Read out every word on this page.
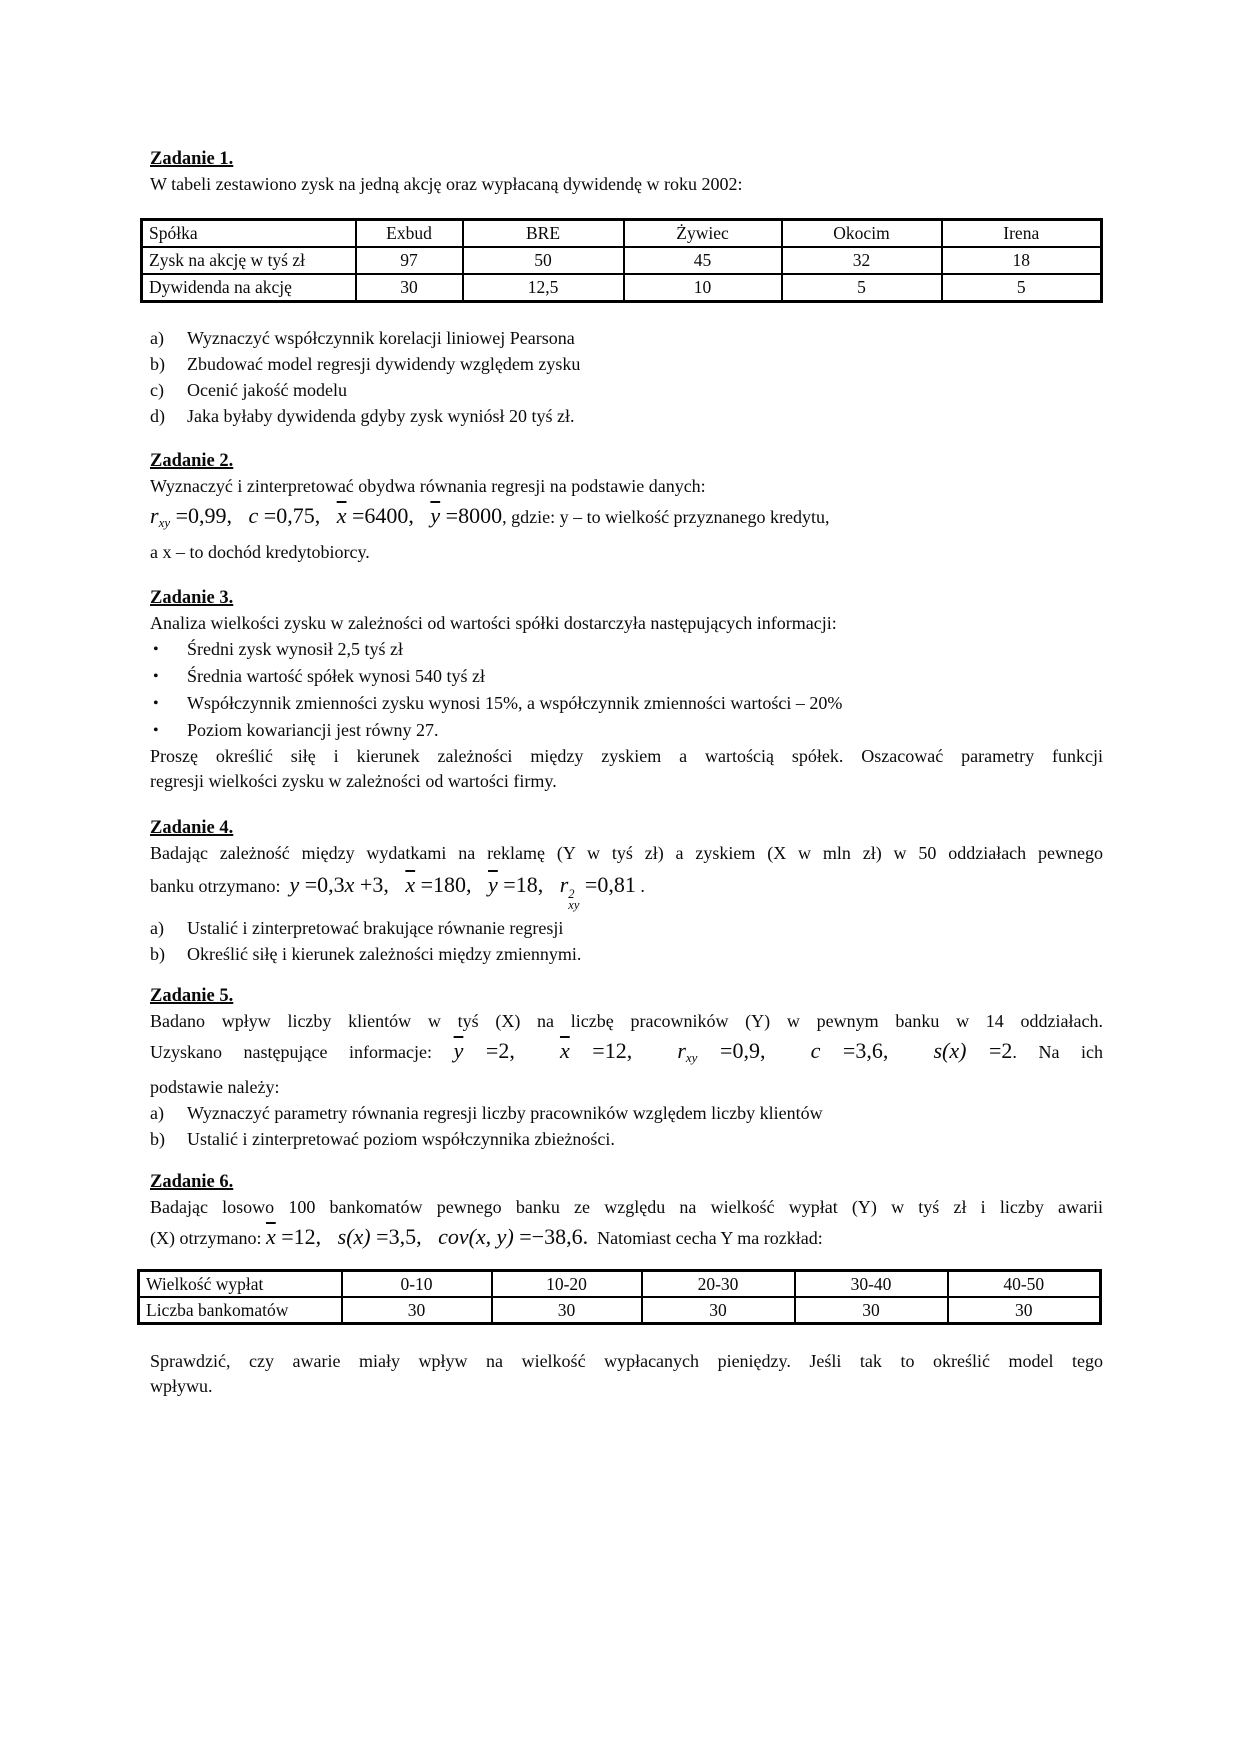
Zadanie 1.
W tabeli zestawiono zysk na jedną akcję oraz wypłacaną dywidendę w roku 2002:
Spółka	Exbud	BRE	Żywiec	Okocim	Irena
Zysk na akcję w tyś zł	97	50	45	32	18
Dywidenda na akcję	30	12,5	10	5	5
a)	Wyznaczyć współczynnik korelacji liniowej Pearsona
b)	Zbudować model regresji dywidendy względem zysku
c)	Ocenić jakość modelu
d)	Jaka byłaby dywidenda gdyby zysk wyniósł 20 tyś zł.
Zadanie 2.
Wyznaczyć i zinterpretować obydwa równania regresji na podstawie danych:
rxy =0,99, c =0,75, $\overline{x} =6400$, $\overline{y} =8000$, gdzie: y – to wielkość przyznanego kredytu,
a x – to dochód kredytobiorcy.
Zadanie 3.
Analiza wielkości zysku w zależności od wartości spółki dostarczyła następujących informacji:
•	Średni zysk wynosił 2,5 tyś zł
•	Średnia wartość spółek wynosi 540 tyś zł
•	Współczynnik zmienności zysku wynosi 15%, a współczynnik zmienności wartości – 20%
•	Poziom kowariancji jest równy 27.
Proszę określić siłę i kierunek zależności między zyskiem a wartością spółek. Oszacować parametry funkcji
regresji wielkości zysku w zależności od wartości firmy.
Zadanie 4.
Badając zależność między wydatkami na reklamę (Y w tyś zł) a zyskiem (X w mln zł) w 50 oddziałach pewnego
banku otrzymano: y =0,3x +3, $\overline{x} =180$, $\overline{y} =18$, r 2
xy
=0,81 .
a)	Ustalić i zinterpretować brakujące równanie regresji
b)	Określić siłę i kierunek zależności między zmiennymi.
Zadanie 5.
Badano wpływ liczby klientów w tyś (X) na liczbę pracowników (Y) w pewnym banku w 14 oddziałach.
Uzyskano następujące informacje: $\overline{y} =2$, $\overline{x} =12$, rxy =0,9, c =3,6, s(x) =2. Na ich
podstawie należy:
a)	Wyznaczyć parametry równania regresji liczby pracowników względem liczby klientów
b)	Ustalić i zinterpretować poziom współczynnika zbieżności.
Zadanie 6.
Badając losowo 100 bankomatów pewnego banku ze względu na wielkość wypłat (Y) w tyś zł i liczby awarii
(X) otrzymano: $\overline{x} =12$, s(x) =3,5, cov(x, y) =−38,6. Natomiast cecha Y ma rozkład:
Wielkość wypłat	0-10	10-20	20-30	30-40	40-50
Liczba bankomatów	30	30	30	30	30
Sprawdzić, czy awarie miały wpływ na wielkość wypłacanych pieniędzy. Jeśli tak to określić model tego
wpływu.
